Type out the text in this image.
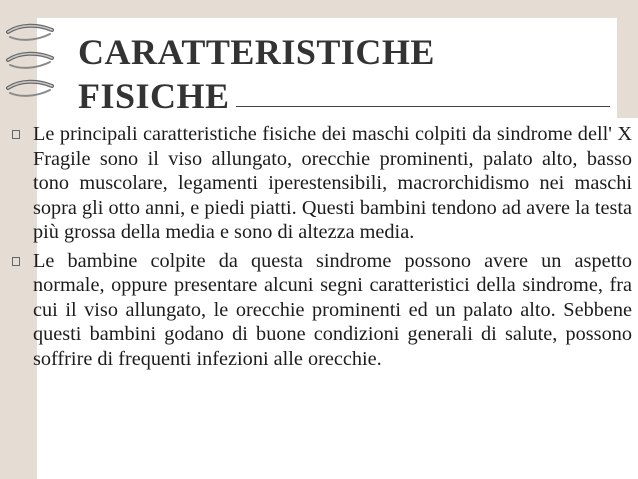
CARATTERISTICHE
FISICHE

Le principali caratteristiche fisiche dei maschi colpiti da sindrome dell' X Fragile sono il viso allungato, orecchie prominenti, palato alto, basso tono muscolare, legamenti iperestensibili, macrorchidismo nei maschi sopra gli otto anni, e piedi piatti. Questi bambini tendono ad avere la testa più grossa della media e sono di altezza media.

Le bambine colpite da questa sindrome possono avere un aspetto normale, oppure presentare alcuni segni caratteristici della sindrome, fra cui il viso allungato, le orecchie prominenti ed un palato alto. Sebbene questi bambini godano di buone condizioni generali di salute, possono soffrire di frequenti infezioni alle orecchie.
